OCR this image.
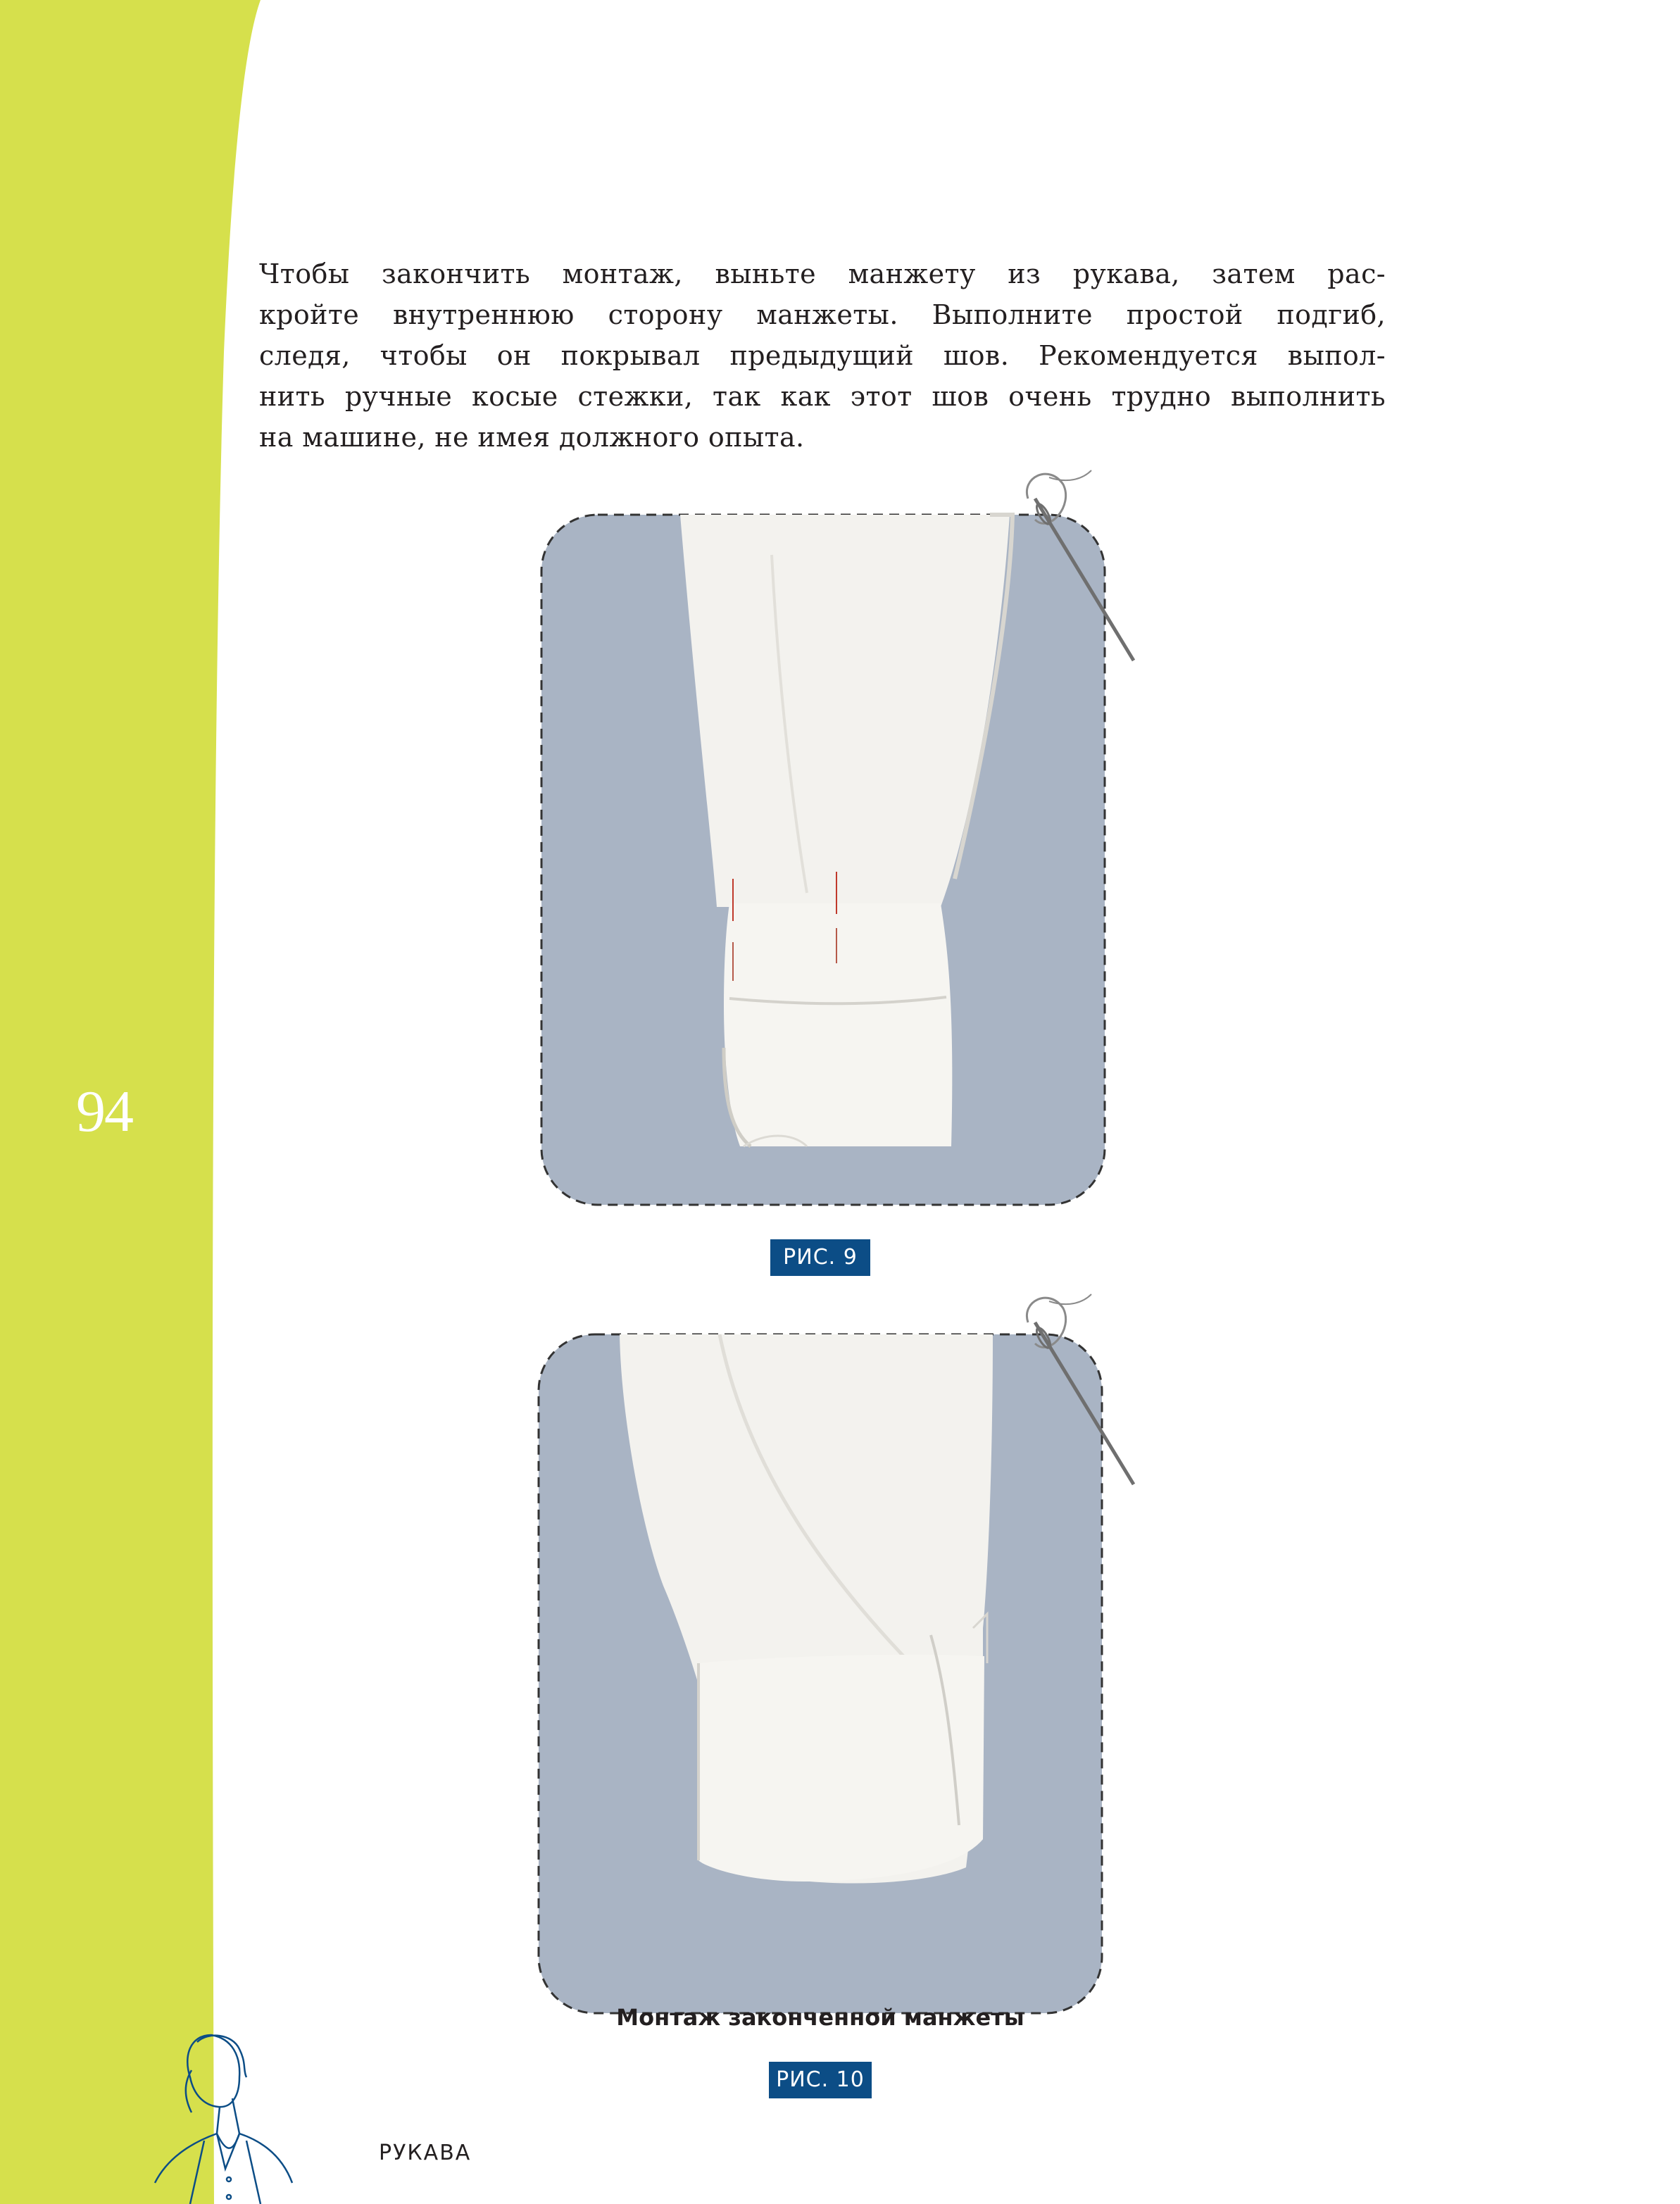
94
Чтобы закончить монтаж, выньте манжету из рукава, затем рас-
кройте внутреннюю сторону манжеты. Выполните простой подгиб,
следя, чтобы он покрывал предыдущий шов. Рекомендуется выпол-
нить ручные косые стежки, так как этот шов очень трудно выполнить
на машине, не имея должного опыта.
РИС. 9
Монтаж законченной манжеты
РИС. 10
РУКАВА
